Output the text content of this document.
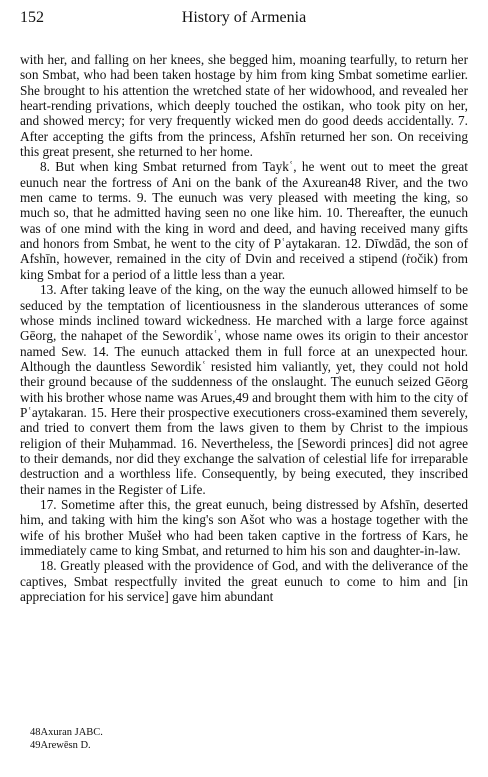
152	History of Armenia

with her, and falling on her knees, she begged him, moaning tearfully, to return her son Smbat, who had been taken hostage by him from king Smbat sometime earlier. She brought to his attention the wretched state of her widowhood, and revealed her heart-rending privations, which deeply touched the ostikan, who took pity on her, and showed mercy; for very frequently wicked men do good deeds accidentally. 7. After accepting the gifts from the princess, Afshīn returned her son. On receiving this great present, she returned to her home.

8. But when king Smbat returned from Taykʿ, he went out to meet the great eunuch near the fortress of Ani on the bank of the Axurean48 River, and the two men came to terms. 9. The eunuch was very pleased with meeting the king, so much so, that he admitted having seen no one like him. 10. Thereafter, the eunuch was of one mind with the king in word and deed, and having received many gifts and honors from Smbat, he went to the city of Pʿaytakaran. 12. Dīwdād, the son of Afshīn, however, remained in the city of Dvin and received a stipend (ṙočik) from king Smbat for a period of a little less than a year.

13. After taking leave of the king, on the way the eunuch allowed himself to be seduced by the temptation of licentiousness in the slanderous utterances of some whose minds inclined toward wickedness. He marched with a large force against Gēorg, the nahapet of the Sewordikʿ, whose name owes its origin to their ancestor named Sew. 14. The eunuch attacked them in full force at an unexpected hour. Although the dauntless Sewordikʿ resisted him valiantly, yet, they could not hold their ground because of the suddenness of the onslaught. The eunuch seized Gēorg with his brother whose name was Arues,49 and brought them with him to the city of Pʿaytakaran. 15. Here their prospective executioners cross-examined them severely, and tried to convert them from the laws given to them by Christ to the impious religion of their Muḥammad. 16. Nevertheless, the [Sewordi princes] did not agree to their demands, nor did they exchange the salvation of celestial life for irreparable destruction and a worthless life. Consequently, by being executed, they inscribed their names in the Register of Life.

17. Sometime after this, the great eunuch, being distressed by Afshīn, deserted him, and taking with him the king's son Ašot who was a hostage together with the wife of his brother Mušeł who had been taken captive in the fortress of Kars, he immediately came to king Smbat, and returned to him his son and daughter-in-law.

18. Greatly pleased with the providence of God, and with the deliverance of the captives, Smbat respectfully invited the great eunuch to come to him and [in appreciation for his service] gave him abundant

48Axuran JABC.

49Arewēsn D.
